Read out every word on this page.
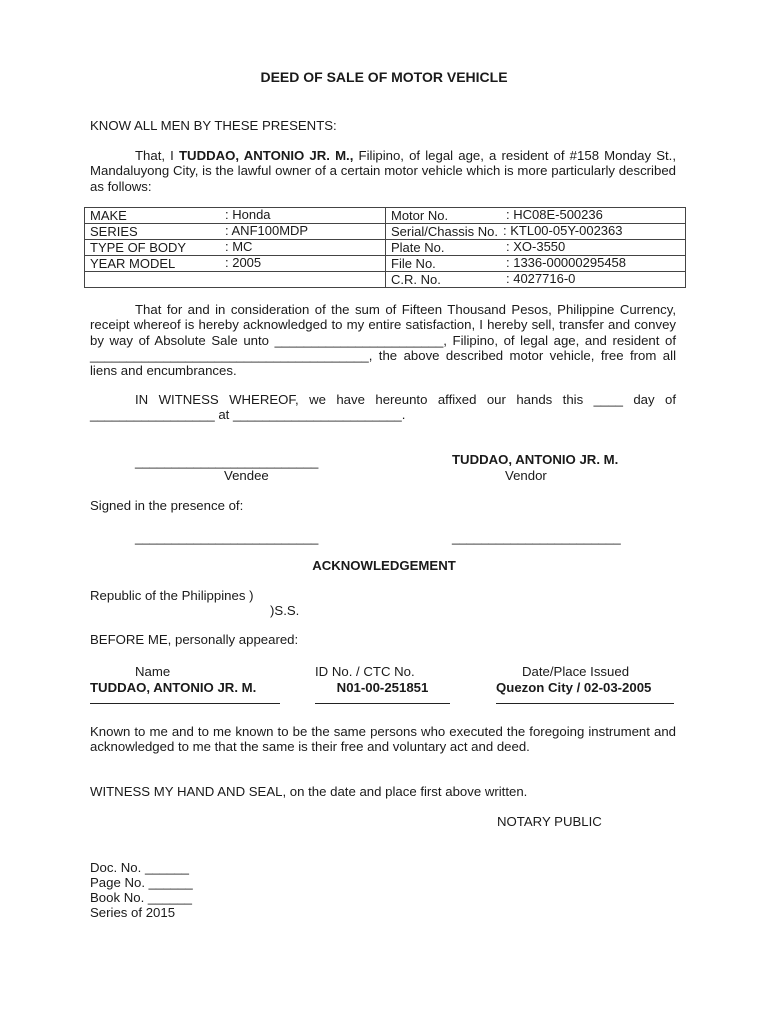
DEED OF SALE OF MOTOR VEHICLE
KNOW ALL MEN BY THESE PRESENTS:

That, I TUDDAO, ANTONIO JR. M., Filipino, of legal age, a resident of #158 Monday St., Mandaluyong City, is the lawful owner of a certain motor vehicle which is more particularly described as follows:

MAKE : Honda	Motor No. : HC08E-500236

SERIES : ANF100MDP	Serial/Chassis No. : KTL00-05Y-002363

TYPE OF BODY : MC	Plate No. : XO-3550

YEAR MODEL : 2005	File No. : 1336-00000295458

	C.R. No. : 4027716-0

That for and in consideration of the sum of Fifteen Thousand Pesos, Philippine Currency, receipt whereof is hereby acknowledged to my entire satisfaction, I hereby sell, transfer and convey by way of Absolute Sale unto _______________________, Filipino, of legal age, and resident of ______________________________________, the above described motor vehicle, free from all liens and encumbrances.

IN WITNESS WHEREOF, we have hereunto affixed our hands this ____ day of _________________ at _______________________.

_________________________
Vendee
TUDDAO, ANTONIO JR. M.
Vendor
Signed in the presence of:
_________________________	_______________________
ACKNOWLEDGEMENT
Republic of the Philippines )
)S.S.
BEFORE ME, personally appeared:
Name	ID No. / CTC No.	Date/Place Issued
TUDDAO, ANTONIO JR. M.	N01-00-251851	Quezon City / 02-03-2005

Known to me and to me known to be the same persons who executed the foregoing instrument and acknowledged to me that the same is their free and voluntary act and deed.

WITNESS MY HAND AND SEAL, on the date and place first above written.
NOTARY PUBLIC
Doc. No. ______
Page No. ______
Book No. ______
Series of 2015
